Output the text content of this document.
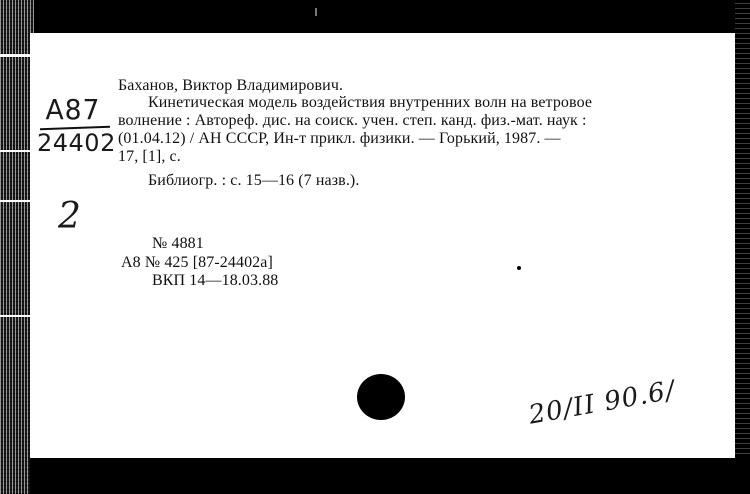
А87
24402
2
Баханов, Виктор Владимирович.
Кинетическая модель воздействия внутренних волн на ветровое
волнение : Автореф. дис. на соиск. учен. степ. канд. физ.-мат. наук :
(01.04.12) / АН СССР, Ин-т прикл. физики. — Горький, 1987. —
17, [1], с.
Библиогр. : с. 15—16 (7 назв.).
№ 4881
А8 № 425 [87-24402а]
ВКП 14—18.03.88
20/II 90.6/
